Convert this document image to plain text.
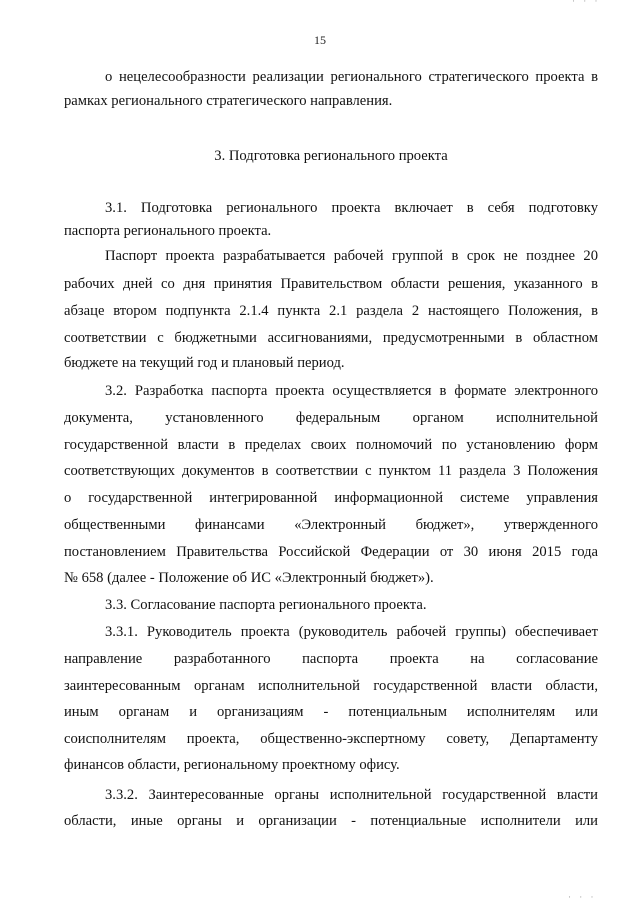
15
· · ·
о нецелесообразности реализации регионального стратегического проекта в
рамках регионального стратегического направления.
3. Подготовка регионального проекта
3.1. Подготовка регионального проекта включает в себя подготовку
паспорта регионального проекта.
Паспорт проекта разрабатывается рабочей группой в срок не позднее 20
рабочих дней со дня принятия Правительством области решения, указанного в
абзаце втором подпункта 2.1.4 пункта 2.1 раздела 2 настоящего Положения, в
соответствии с бюджетными ассигнованиями, предусмотренными в областном
бюджете на текущий год и плановый период.
3.2. Разработка паспорта проекта осуществляется в формате электронного
документа, установленного федеральным органом исполнительной
государственной власти в пределах своих полномочий по установлению форм
соответствующих документов в соответствии с пунктом 11 раздела 3 Положения
о государственной интегрированной информационной системе управления
общественными финансами «Электронный бюджет», утвержденного
постановлением Правительства Российской Федерации от 30 июня 2015 года
№ 658 (далее - Положение об ИС «Электронный бюджет»).
3.3. Согласование паспорта регионального проекта.
3.3.1. Руководитель проекта (руководитель рабочей группы) обеспечивает
направление разработанного паспорта проекта на согласование
заинтересованным органам исполнительной государственной власти области,
иным органам и организациям - потенциальным исполнителям или
соисполнителям проекта, общественно-экспертному совету, Департаменту
финансов области, региональному проектному офису.
3.3.2. Заинтересованные органы исполнительной государственной власти
области, иные органы и организации - потенциальные исполнители или
· · ·
